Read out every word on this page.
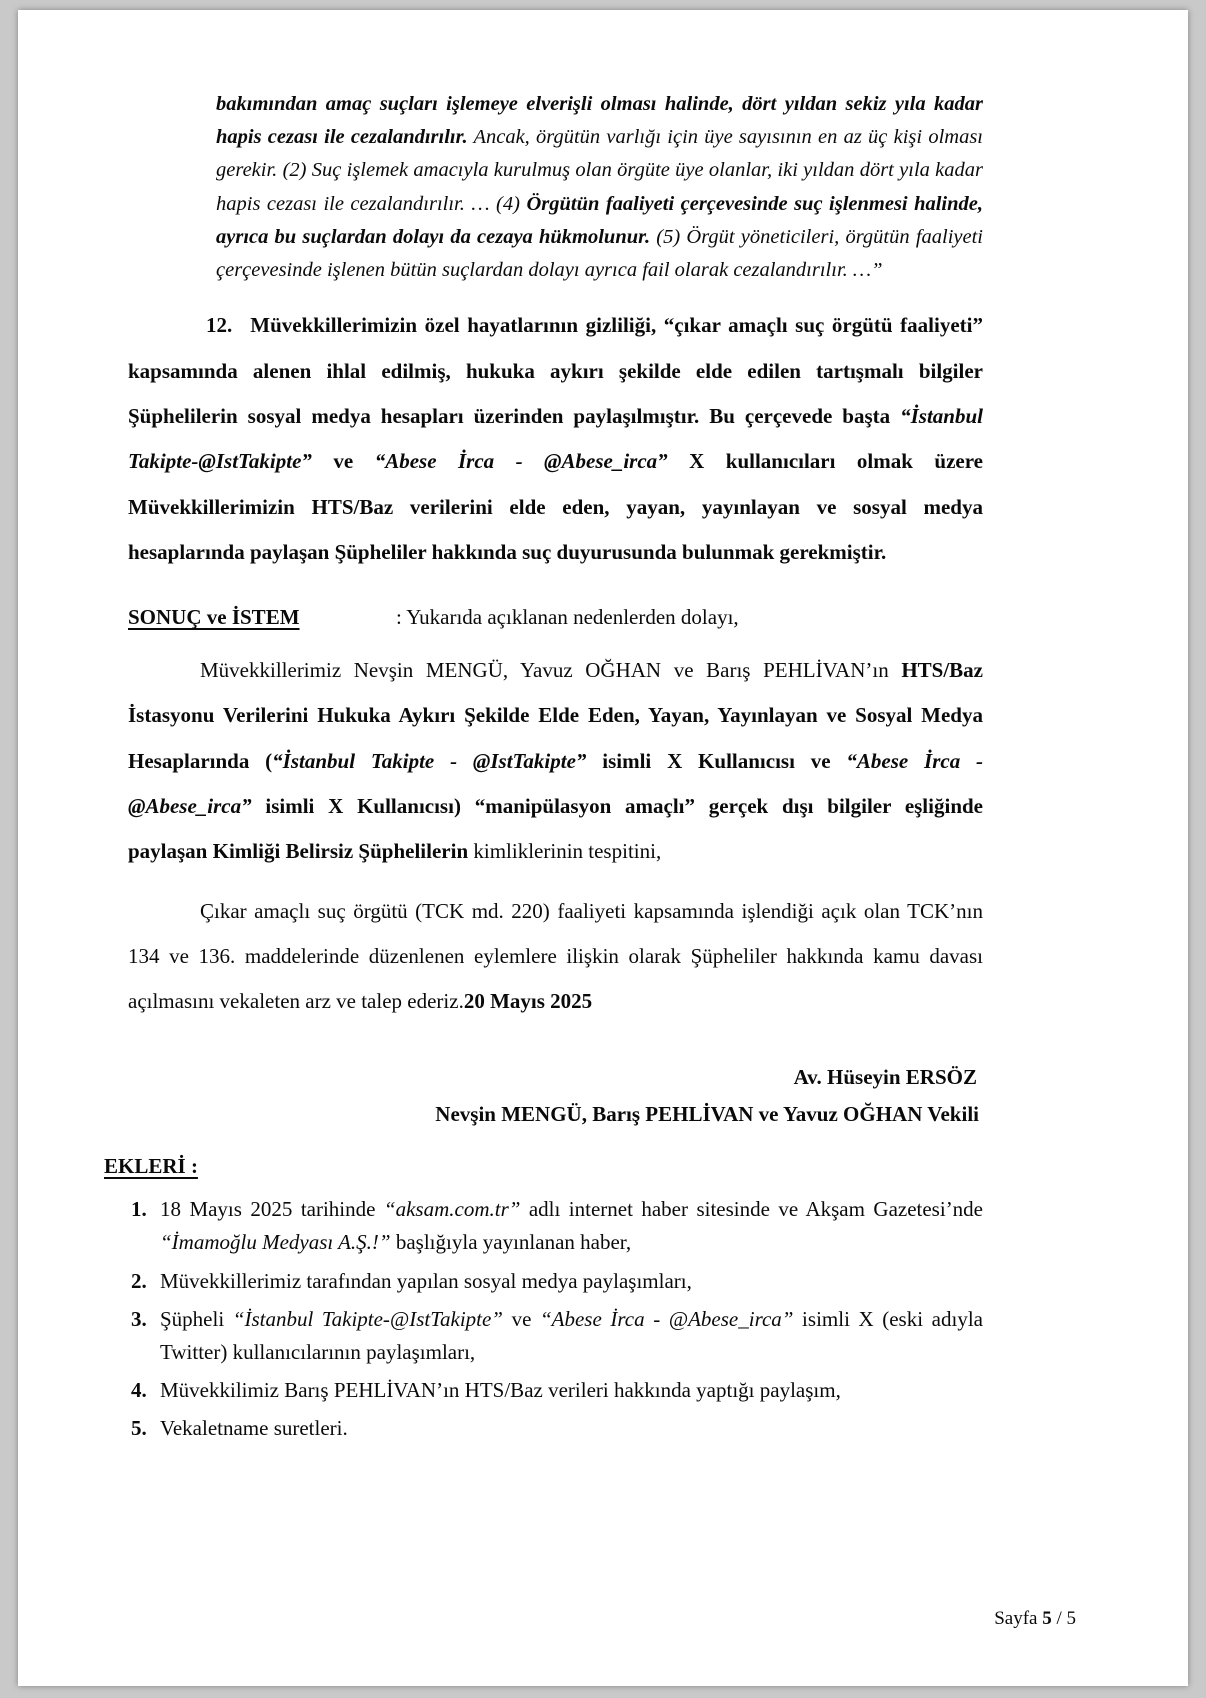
bakımından amaç suçları işlemeye elverişli olması halinde, dört yıldan sekiz yıla kadar hapis cezası ile cezalandırılır. Ancak, örgütün varlığı için üye sayısının en az üç kişi olması gerekir. (2) Suç işlemek amacıyla kurulmuş olan örgüte üye olanlar, iki yıldan dört yıla kadar hapis cezası ile cezalandırılır. … (4) Örgütün faaliyeti çerçevesinde suç işlenmesi halinde, ayrıca bu suçlardan dolayı da cezaya hükmolunur. (5) Örgüt yöneticileri, örgütün faaliyeti çerçevesinde işlenen bütün suçlardan dolayı ayrıca fail olarak cezalandırılır. …”

12. Müvekkillerimizin özel hayatlarının gizliliği, “çıkar amaçlı suç örgütü faaliyeti” kapsamında alenen ihlal edilmiş, hukuka aykırı şekilde elde edilen tartışmalı bilgiler Şüphelilerin sosyal medya hesapları üzerinden paylaşılmıştır. Bu çerçevede başta “İstanbul Takipte-@IstTakipte” ve “Abese İrca - @Abese_irca” X kullanıcıları olmak üzere Müvekkillerimizin HTS/Baz verilerini elde eden, yayan, yayınlayan ve sosyal medya hesaplarında paylaşan Şüpheliler hakkında suç duyurusunda bulunmak gerekmiştir.

SONUÇ ve İSTEM	: Yukarıda açıklanan nedenlerden dolayı,

Müvekkillerimiz Nevşin MENGÜ, Yavuz OĞHAN ve Barış PEHLİVAN’ın HTS/Baz İstasyonu Verilerini Hukuka Aykırı Şekilde Elde Eden, Yayan, Yayınlayan ve Sosyal Medya Hesaplarında (“İstanbul Takipte - @IstTakipte” isimli X Kullanıcısı ve “Abese İrca - @Abese_irca” isimli X Kullanıcısı) “manipülasyon amaçlı” gerçek dışı bilgiler eşliğinde paylaşan Kimliği Belirsiz Şüphelilerin kimliklerinin tespitini,

Çıkar amaçlı suç örgütü (TCK md. 220) faaliyeti kapsamında işlendiği açık olan TCK’nın 134 ve 136. maddelerinde düzenlenen eylemlere ilişkin olarak Şüpheliler hakkında kamu davası açılmasını vekaleten arz ve talep ederiz.20 Mayıs 2025

Av. Hüseyin ERSÖZ
Nevşin MENGÜ, Barış PEHLİVAN ve Yavuz OĞHAN Vekili
EKLERİ :
1. 18 Mayıs 2025 tarihinde “aksam.com.tr” adlı internet haber sitesinde ve Akşam Gazetesi’nde “İmamoğlu Medyası A.Ş.!” başlığıyla yayınlanan haber,
2. Müvekkillerimiz tarafından yapılan sosyal medya paylaşımları,
3. Şüpheli “İstanbul Takipte-@IstTakipte” ve “Abese İrca - @Abese_irca” isimli X (eski adıyla Twitter) kullanıcılarının paylaşımları,
4. Müvekkilimiz Barış PEHLİVAN’ın HTS/Baz verileri hakkında yaptığı paylaşım,
5. Vekaletname suretleri.
Sayfa 5 / 5
